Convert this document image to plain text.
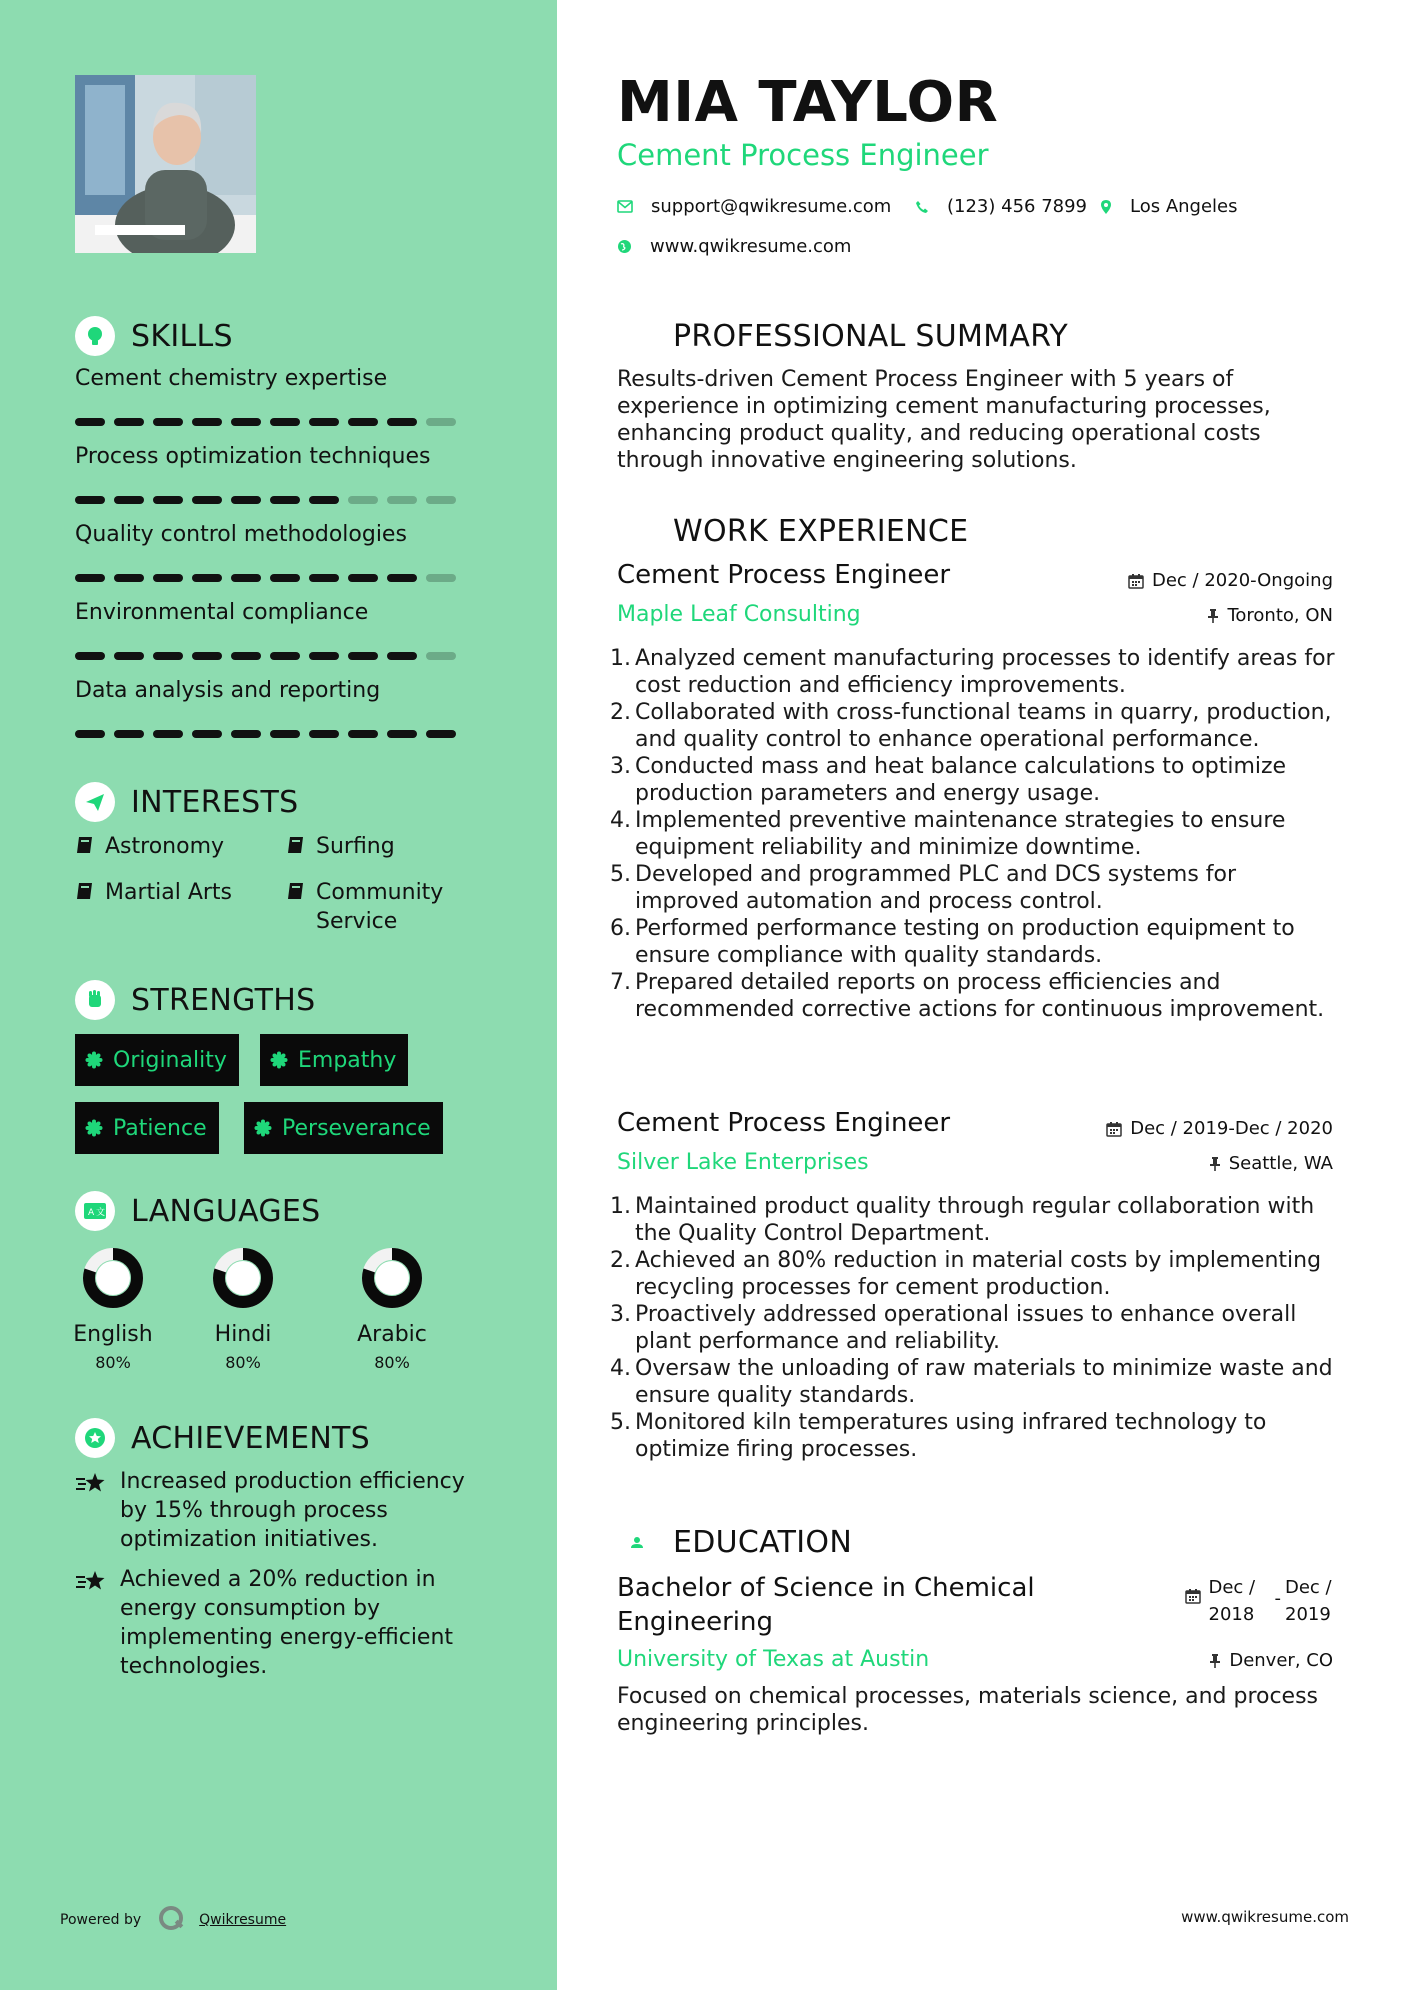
SKILLS
Cement chemistry expertise
Process optimization techniques
Quality control methodologies
Environmental compliance
Data analysis and reporting
INTERESTS
Astronomy	Surfing
Martial Arts	Community Service
STRENGTHS
Originality	Empathy
Patience	Perseverance
A 文 LANGUAGES
English
80%
Hindi
80%
Arabic
80%
ACHIEVEMENTS
Increased production efficiency by 15% through process optimization initiatives.
Achieved a 20% reduction in energy consumption by implementing energy-efficient technologies.
Powered by	Qwikresume
MIA TAYLOR
Cement Process Engineer
support@qwikresume.com	(123) 456 7899 Los Angeles
www.qwikresume.com
PROFESSIONAL SUMMARY
Results-driven Cement Process Engineer with 5 years of experience in optimizing cement manufacturing processes, enhancing product quality, and reducing operational costs through innovative engineering solutions.
WORK EXPERIENCE
Cement Process Engineer	Dec / 2020-Ongoing
Maple Leaf Consulting	Toronto, ON
1. Analyzed cement manufacturing processes to identify areas for cost reduction and efficiency improvements.
2. Collaborated with cross-functional teams in quarry, production, and quality control to enhance operational performance.
3. Conducted mass and heat balance calculations to optimize production parameters and energy usage.
4. Implemented preventive maintenance strategies to ensure equipment reliability and minimize downtime.
5. Developed and programmed PLC and DCS systems for improved automation and process control.
6. Performed performance testing on production equipment to ensure compliance with quality standards.
7. Prepared detailed reports on process efficiencies and recommended corrective actions for continuous improvement.
Cement Process Engineer	Dec / 2019-Dec / 2020
Silver Lake Enterprises	Seattle, WA
1. Maintained product quality through regular collaboration with the Quality Control Department.
2. Achieved an 80% reduction in material costs by implementing recycling processes for cement production.
3. Proactively addressed operational issues to enhance overall plant performance and reliability.
4. Oversaw the unloading of raw materials to minimize waste and ensure quality standards.
5. Monitored kiln temperatures using infrared technology to optimize firing processes.
EDUCATION
Bachelor of Science in Chemical Engineering
Dec / 2018
-
Dec / 2019
University of Texas at Austin	Denver, CO
Focused on chemical processes, materials science, and process engineering principles.
www.qwikresume.com
